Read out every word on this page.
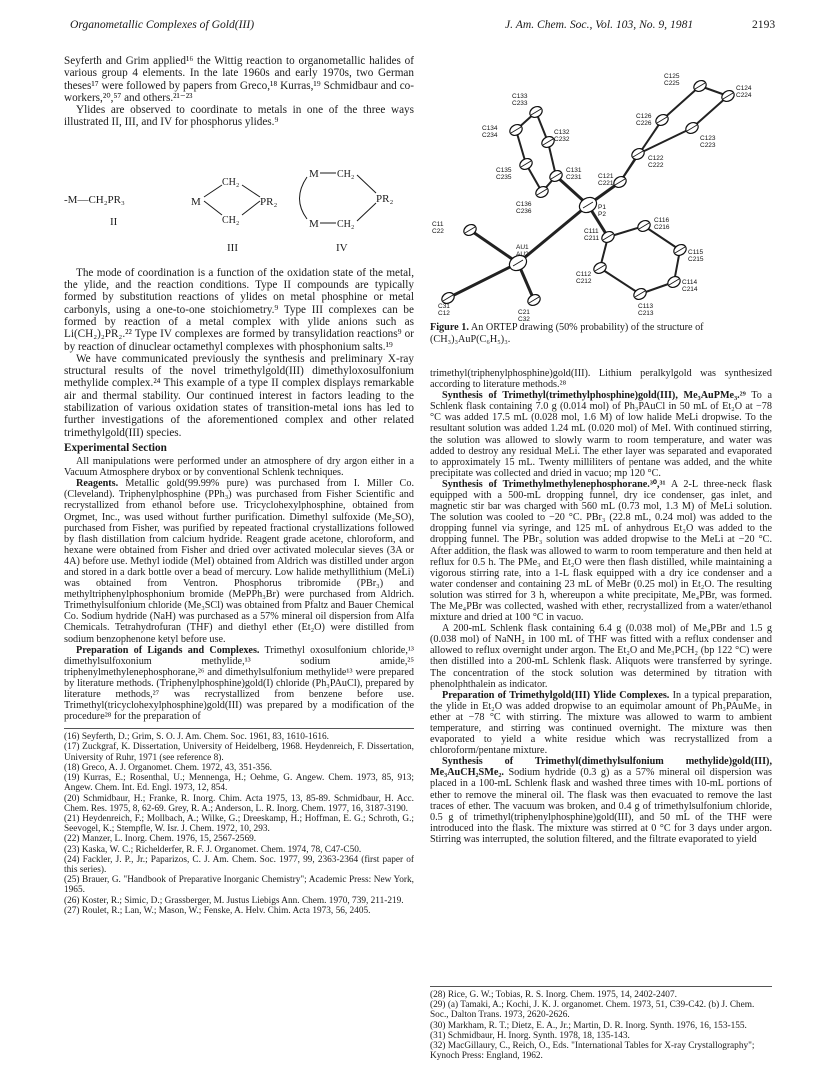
Organometallic Complexes of Gold(III)	J. Am. Chem. Soc., Vol. 103, No. 9, 1981	2193

Seyferth and Grim applied¹⁶ the Wittig reaction to organometallic halides of various group 4 elements. In the late 1960s and early 1970s, two German theses¹⁷ were followed by papers from Greco,¹⁸ Kurras,¹⁹ Schmidbaur and co-workers,²⁰,⁵⁷ and others.²¹⁻²³

Ylides are observed to coordinate to metals in one of the three ways illustrated II, III, and IV for phosphorus ylides.⁹

-M—CH₂PR₃
II
M
CH₂
CH₂
PR₂
III
M CH₂
M CH₂
PR₂
IV

The mode of coordination is a function of the oxidation state of the metal, the ylide, and the reaction conditions. Type II compounds are typically formed by substitution reactions of ylides on metal phosphine or metal carbonyls, using a one-to-one stoichiometry.⁹ Type III complexes can be formed by reaction of a metal complex with ylide anions such as Li(CH₂)₂PR₂.²² Type IV complexes are formed by transylidation reactions⁹ or by reaction of dinuclear octamethyl complexes with phosphonium salts.¹⁹

We have communicated previously the synthesis and preliminary X-ray structural results of the novel trimethylgold(III) dimethyloxosulfonium methylide complex.²⁴ This example of a type II complex displays remarkable air and thermal stability. Our continued interest in factors leading to the stabilization of various oxidation states of transition-metal ions has led to further investigations of the aforementioned complex and other related trimethylgold(III) species.

Experimental Section

All manipulations were performed under an atmosphere of dry argon either in a Vacuum Atmosphere drybox or by conventional Schlenk techniques.

Reagents. Metallic gold(99.99% pure) was purchased from I. Miller Co. (Cleveland). Triphenylphosphine (PPh₃) was purchased from Fisher Scientific and recrystallized from ethanol before use. Tricyclohexylphosphine, obtained from Orgmet, Inc., was used without further purification. Dimethyl sulfoxide (Me₂SO), purchased from Fisher, was purified by repeated fractional crystallizations followed by flash distillation from calcium hydride. Reagent grade acetone, chloroform, and hexane were obtained from Fisher and dried over activated molecular sieves (3A or 4A) before use. Methyl iodide (MeI) obtained from Aldrich was distilled under argon and stored in a dark bottle over a bead of mercury. Low halide methyllithium (MeLi) was obtained from Ventron. Phosphorus tribromide (PBr₃) and methyltriphenylphosphonium bromide (MePPh₃Br) were purchased from Aldrich. Trimethylsulfonium chloride (Me₃SCl) was obtained from Pfaltz and Bauer Chemical Co. Sodium hydride (NaH) was purchased as a 57% mineral oil dispersion from Alfa Chemicals. Tetrahydrofuran (THF) and diethyl ether (Et₂O) were distilled from sodium benzophenone ketyl before use.

Preparation of Ligands and Complexes. Trimethyl oxosulfonium chloride,¹³ dimethylsulfoxonium methylide,¹³ sodium amide,²⁵ triphenylmethylenephosphorane,²⁶ and dimethylsulfonium methylide¹³ were prepared by literature methods. (Triphenylphosphine)gold(I) chloride (Ph₃PAuCl), prepared by literature methods,²⁷ was recrystallized from benzene before use. Trimethyl(tricyclohexylphosphine)gold(III) was prepared by a modification of the procedure²⁸ for the preparation of

(16) Seyferth, D.; Grim, S. O. J. Am. Chem. Soc. 1961, 83, 1610-1616.
(17) Zuckgraf, K. Dissertation, University of Heidelberg, 1968. Heydenreich, F. Dissertation, University of Ruhr, 1971 (see reference 8).
(18) Greco, A. J. Organomet. Chem. 1972, 43, 351-356.
(19) Kurras, E.; Rosenthal, U.; Mennenga, H.; Oehme, G. Angew. Chem. 1973, 85, 913; Angew. Chem. Int. Ed. Engl. 1973, 12, 854.
(20) Schmidbaur, H.; Franke, R. Inorg. Chim. Acta 1975, 13, 85-89. Schmidbaur, H. Acc. Chem. Res. 1975, 8, 62-69. Grey, R. A.; Anderson, L. R. Inorg. Chem. 1977, 16, 3187-3190.
(21) Heydenreich, F.; Mollbach, A.; Wilke, G.; Dreeskamp, H.; Hoffman, E. G.; Schroth, G.; Seevogel, K.; Stempfle, W. Isr. J. Chem. 1972, 10, 293.
(22) Manzer, L. Inorg. Chem. 1976, 15, 2567-2569.
(23) Kaska, W. C.; Richelderfer, R. F. J. Organomet. Chem. 1974, 78, C47-C50.
(24) Fackler, J. P., Jr.; Paparizos, C. J. Am. Chem. Soc. 1977, 99, 2363-2364 (first paper of this series).
(25) Brauer, G. "Handbook of Preparative Inorganic Chemistry"; Academic Press: New York, 1965.
(26) Koster, R.; Simic, D.; Grassberger, M. Justus Liebigs Ann. Chem. 1970, 739, 211-219.
(27) Roulet, R.; Lan, W.; Mason, W.; Fenske, A. Helv. Chim. Acta 1973, 56, 2405.
AU1 AU2
P1 P2
C11 C22
C31 C12	C21 C32
C111 C211
C112 C212
C113 C213
C114 C214
C115 C215
C116 C216
C121 C221
C122 C222
C123 C223
C124 C224
C125 C225
C126 C226
C131 C231
C132 C232
C133 C233
C134 C234
C135 C235
C136 C236
Figure 1. An ORTEP drawing (50% probability) of the structure of (CH₃)₃AuP(C₆H₅)₃.

trimethyl(triphenylphosphine)gold(III). Lithium peralkylgold was synthesized according to literature methods.²⁸

Synthesis of Trimethyl(trimethylphosphine)gold(III), Me₃AuPMe₃.²⁹ To a Schlenk flask containing 7.0 g (0.014 mol) of Ph₃PAuCl in 50 mL of Et₂O at −78 °C was added 17.5 mL (0.028 mol, 1.6 M) of low halide MeLi dropwise. To the resultant solution was added 1.24 mL (0.020 mol) of MeI. With continued stirring, the solution was allowed to slowly warm to room temperature, and water was added to destroy any residual MeLi. The ether layer was separated and evaporated to approximately 15 mL. Twenty milliliters of pentane was added, and the white precipitate was collected and dried in vacuo; mp 120 °C.

Synthesis of Trimethylmethylenephosphorane.³⁰,³¹ A 2-L three-neck flask equipped with a 500-mL dropping funnel, dry ice condenser, gas inlet, and magnetic stir bar was charged with 560 mL (0.73 mol, 1.3 M) of MeLi solution. The solution was cooled to −20 °C. PBr₃ (22.8 mL, 0.24 mol) was added to the dropping funnel via syringe, and 125 mL of anhydrous Et₂O was added to the dropping funnel. The PBr₃ solution was added dropwise to the MeLi at −20 °C. After addition, the flask was allowed to warm to room temperature and then held at reflux for 0.5 h. The PMe₃ and Et₂O were then flash distilled, while maintaining a vigorous stirring rate, into a 1-L flask equipped with a dry ice condenser and a water condenser and containing 23 mL of MeBr (0.25 mol) in Et₂O. The resulting solution was stirred for 3 h, whereupon a white precipitate, Me₄PBr, was formed. The Me₄PBr was collected, washed with ether, recrystallized from a water/ethanol mixture and dried at 100 °C in vacuo.

A 200-mL Schlenk flask containing 6.4 g (0.038 mol) of Me₄PBr and 1.5 g (0.038 mol) of NaNH₂ in 100 mL of THF was fitted with a reflux condenser and allowed to reflux overnight under argon. The Et₂O and Me₃PCH₂ (bp 122 °C) were then distilled into a 200-mL Schlenk flask. Aliquots were transferred by syringe. The concentration of the stock solution was determined by titration with phenolphthalein as indicator.

Preparation of Trimethylgold(III) Ylide Complexes. In a typical preparation, the ylide in Et₂O was added dropwise to an equimolar amount of Ph₃PAuMe₃ in ether at −78 °C with stirring. The mixture was allowed to warm to ambient temperature, and stirring was continued overnight. The mixture was then evaporated to yield a white residue which was recrystallized from a chloroform/pentane mixture.

Synthesis of Trimethyl(dimethylsulfonium methylide)gold(III), Me₃AuCH₂SMe₂. Sodium hydride (0.3 g) as a 57% mineral oil dispersion was placed in a 100-mL Schlenk flask and washed three times with 10-mL portions of ether to remove the mineral oil. The flask was then evacuated to remove the last traces of ether. The vacuum was broken, and 0.4 g of trimethylsulfonium chloride, 0.5 g of trimethyl(triphenylphosphine)gold(III), and 50 mL of the THF were introduced into the flask. The mixture was stirred at 0 °C for 3 days under argon. Stirring was interrupted, the solution filtered, and the filtrate evaporated to yield

(28) Rice, G. W.; Tobias, R. S. Inorg. Chem. 1975, 14, 2402-2407.
(29) (a) Tamaki, A.; Kochi, J. K. J. organomet. Chem. 1973, 51, C39-C42. (b) J. Chem. Soc., Dalton Trans. 1973, 2620-2626.
(30) Markham, R. T.; Dietz, E. A., Jr.; Martin, D. R. Inorg. Synth. 1976, 16, 153-155.
(31) Schmidbaur, H. Inorg. Synth. 1978, 18, 135-143.
(32) MacGillaury, C., Reich, O., Eds. "International Tables for X-ray Crystallography"; Kynoch Press: England, 1962.
